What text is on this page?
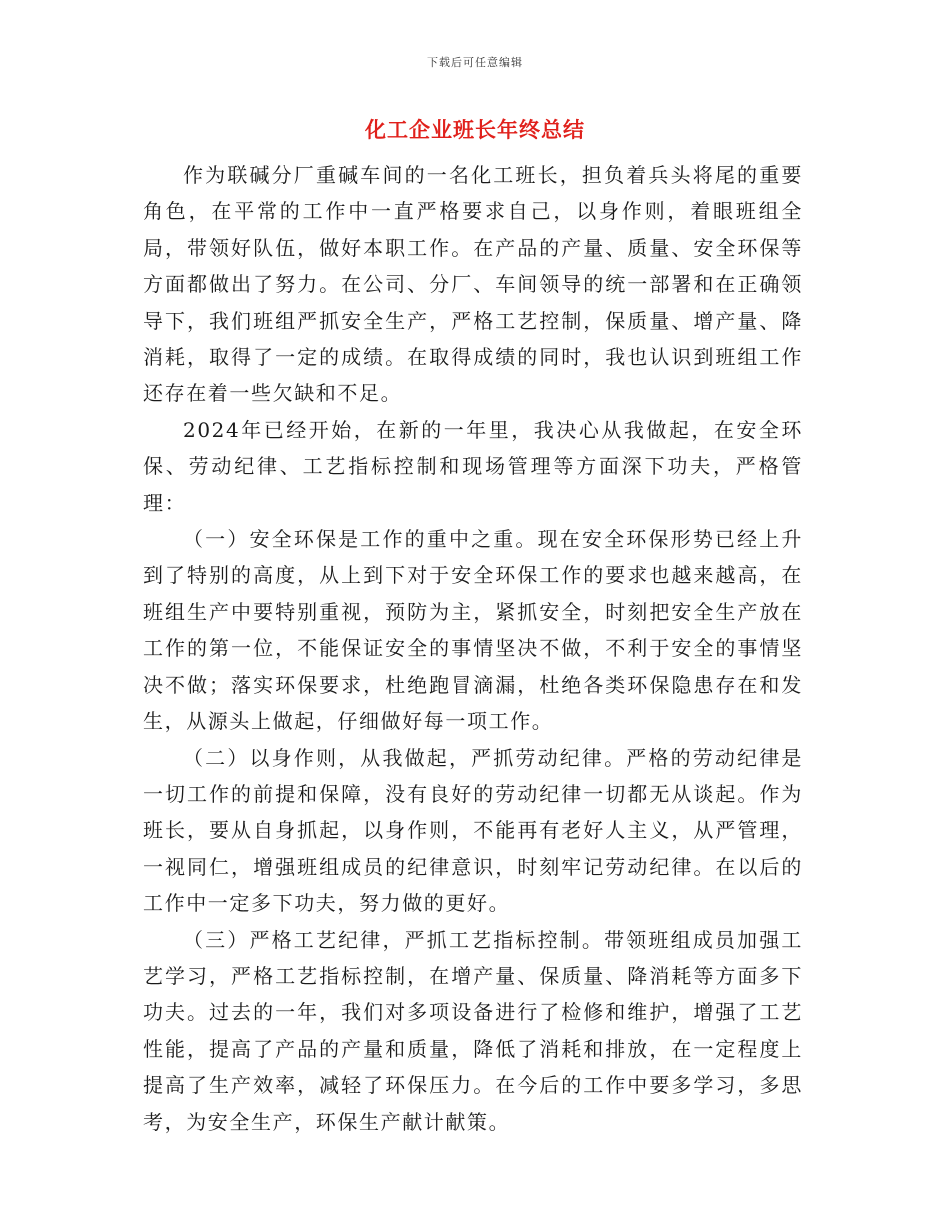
下载后可任意编辑
化工企业班长年终总结

作为联碱分厂重碱车间的一名化工班长，担负着兵头将尾的重要角色，在平常的工作中一直严格要求自己，以身作则，着眼班组全局，带领好队伍，做好本职工作。在产品的产量、质量、安全环保等方面都做出了努力。在公司、分厂、车间领导的统一部署和在正确领导下，我们班组严抓安全生产，严格工艺控制，保质量、增产量、降消耗，取得了一定的成绩。在取得成绩的同时，我也认识到班组工作还存在着一些欠缺和不足。

2024年已经开始，在新的一年里，我决心从我做起，在安全环保、劳动纪律、工艺指标控制和现场管理等方面深下功夫，严格管理：

（一）安全环保是工作的重中之重。现在安全环保形势已经上升到了特别的高度，从上到下对于安全环保工作的要求也越来越高，在班组生产中要特别重视，预防为主，紧抓安全，时刻把安全生产放在工作的第一位，不能保证安全的事情坚决不做，不利于安全的事情坚决不做；落实环保要求，杜绝跑冒滴漏，杜绝各类环保隐患存在和发生，从源头上做起，仔细做好每一项工作。

（二）以身作则，从我做起，严抓劳动纪律。严格的劳动纪律是一切工作的前提和保障，没有良好的劳动纪律一切都无从谈起。作为班长，要从自身抓起，以身作则，不能再有老好人主义，从严管理，一视同仁，增强班组成员的纪律意识，时刻牢记劳动纪律。在以后的工作中一定多下功夫，努力做的更好。

（三）严格工艺纪律，严抓工艺指标控制。带领班组成员加强工艺学习，严格工艺指标控制，在增产量、保质量、降消耗等方面多下功夫。过去的一年，我们对多项设备进行了检修和维护，增强了工艺性能，提高了产品的产量和质量，降低了消耗和排放，在一定程度上提高了生产效率，减轻了环保压力。在今后的工作中要多学习，多思考，为安全生产，环保生产献计献策。
